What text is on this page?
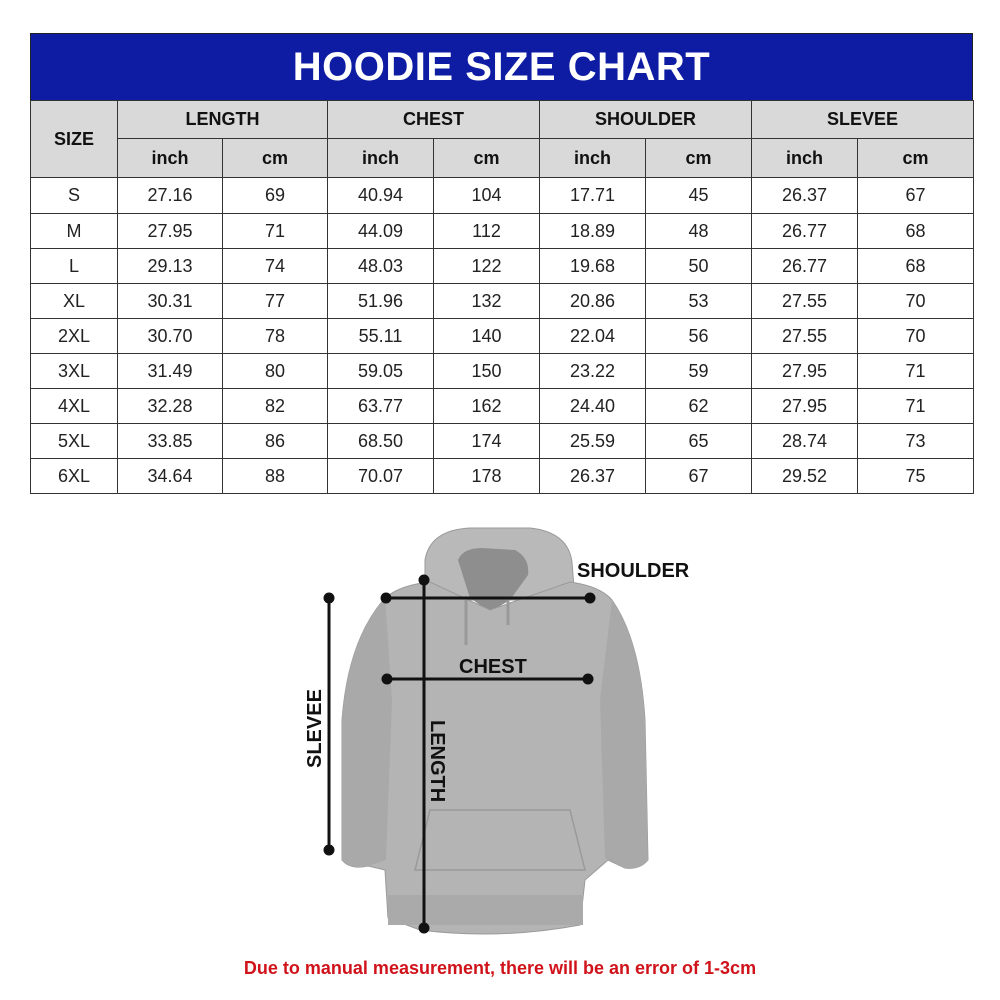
HOODIE SIZE CHART
SIZE	LENGTH		CHEST		SHOULDER		SLEVEE	
	inch	cm	inch	cm	inch	cm	inch	cm
S	27.16	69	40.94	104	17.71	45	26.37	67
M	27.95	71	44.09	112	18.89	48	26.77	68
L	29.13	74	48.03	122	19.68	50	26.77	68
XL	30.31	77	51.96	132	20.86	53	27.55	70
2XL	30.70	78	55.11	140	22.04	56	27.55	70
3XL	31.49	80	59.05	150	23.22	59	27.95	71
4XL	32.28	82	63.77	162	24.40	62	27.95	71
5XL	33.85	86	68.50	174	25.59	65	28.74	73
6XL	34.64	88	70.07	178	26.37	67	29.52	75
SHOULDER
CHEST
LENGTH
SLEVEE
Due to manual measurement, there will be an error of 1-3cm
